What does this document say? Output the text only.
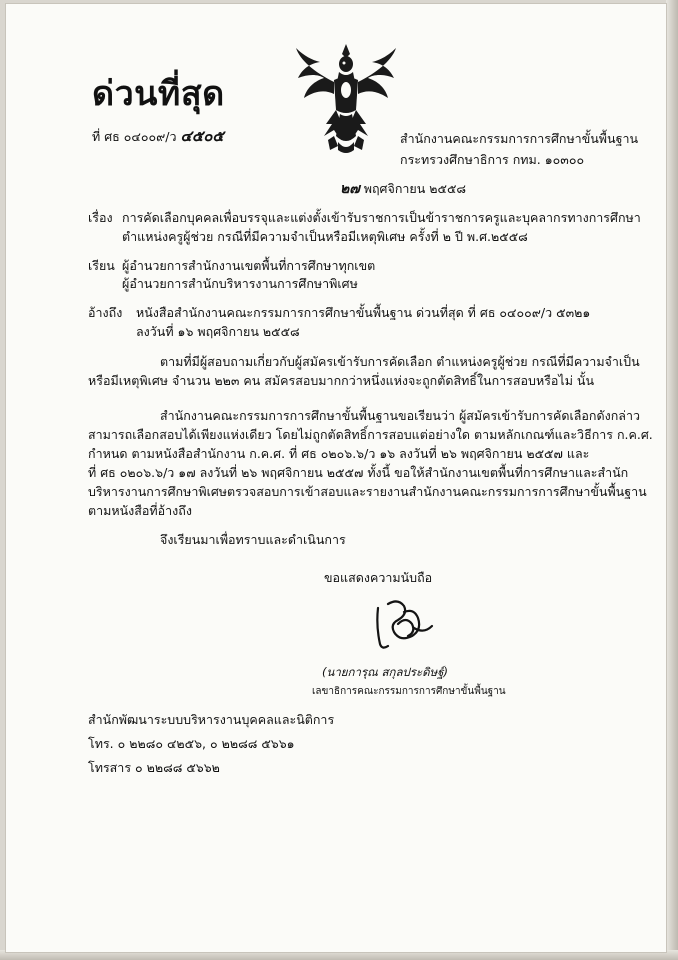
ด่วนที่สุด
ที่ ศธ ๐๔๐๐๙/ว ๔๕๐๕	สำนักงานคณะกรรมการการศึกษาขั้นพื้นฐาน
กระทรวงศึกษาธิการ กทม. ๑๐๓๐๐
๒๗ พฤศจิกายน ๒๕๕๘
เรื่อง การคัดเลือกบุคคลเพื่อบรรจุและแต่งตั้งเข้ารับราชการเป็นข้าราชการครูและบุคลากรทางการศึกษา
ตำแหน่งครูผู้ช่วย กรณีที่มีความจำเป็นหรือมีเหตุพิเศษ ครั้งที่ ๒ ปี พ.ศ.๒๕๕๘
เรียน ผู้อำนวยการสำนักงานเขตพื้นที่การศึกษาทุกเขต
ผู้อำนวยการสำนักบริหารงานการศึกษาพิเศษ
อ้างถึง หนังสือสำนักงานคณะกรรมการการศึกษาขั้นพื้นฐาน ด่วนที่สุด ที่ ศธ ๐๔๐๐๙/ว ๕๓๒๑
ลงวันที่ ๑๖ พฤศจิกายน ๒๕๕๘
ตามที่มีผู้สอบถามเกี่ยวกับผู้สมัครเข้ารับการคัดเลือก ตำแหน่งครูผู้ช่วย กรณีที่มีความจำเป็น
หรือมีเหตุพิเศษ จำนวน ๒๒๓ คน สมัครสอบมากกว่าหนึ่งแห่งจะถูกตัดสิทธิ์ในการสอบหรือไม่ นั้น
สำนักงานคณะกรรมการการศึกษาขั้นพื้นฐานขอเรียนว่า ผู้สมัครเข้ารับการคัดเลือกดังกล่าว
สามารถเลือกสอบได้เพียงแห่งเดียว โดยไม่ถูกตัดสิทธิ์การสอบแต่อย่างใด ตามหลักเกณฑ์และวิธีการ ก.ค.ศ.
กำหนด ตามหนังสือสำนักงาน ก.ค.ศ. ที่ ศธ ๐๒๐๖.๖/ว ๑๖ ลงวันที่ ๒๖ พฤศจิกายน ๒๕๕๗ และ
ที่ ศธ ๐๒๐๖.๖/ว ๑๗ ลงวันที่ ๒๖ พฤศจิกายน ๒๕๕๗ ทั้งนี้ ขอให้สำนักงานเขตพื้นที่การศึกษาและสำนัก
บริหารงานการศึกษาพิเศษตรวจสอบการเข้าสอบและรายงานสำนักงานคณะกรรมการการศึกษาขั้นพื้นฐาน
ตามหนังสือที่อ้างถึง
จึงเรียนมาเพื่อทราบและดำเนินการ
ขอแสดงความนับถือ
(นายการุณ สกุลประดิษฐ์)
เลขาธิการคณะกรรมการการศึกษาขั้นพื้นฐาน
สำนักพัฒนาระบบบริหารงานบุคคลและนิติการ
โทร. ๐ ๒๒๘๐ ๔๒๕๖, ๐ ๒๒๘๘ ๕๖๖๑
โทรสาร ๐ ๒๒๘๘ ๕๖๖๒
